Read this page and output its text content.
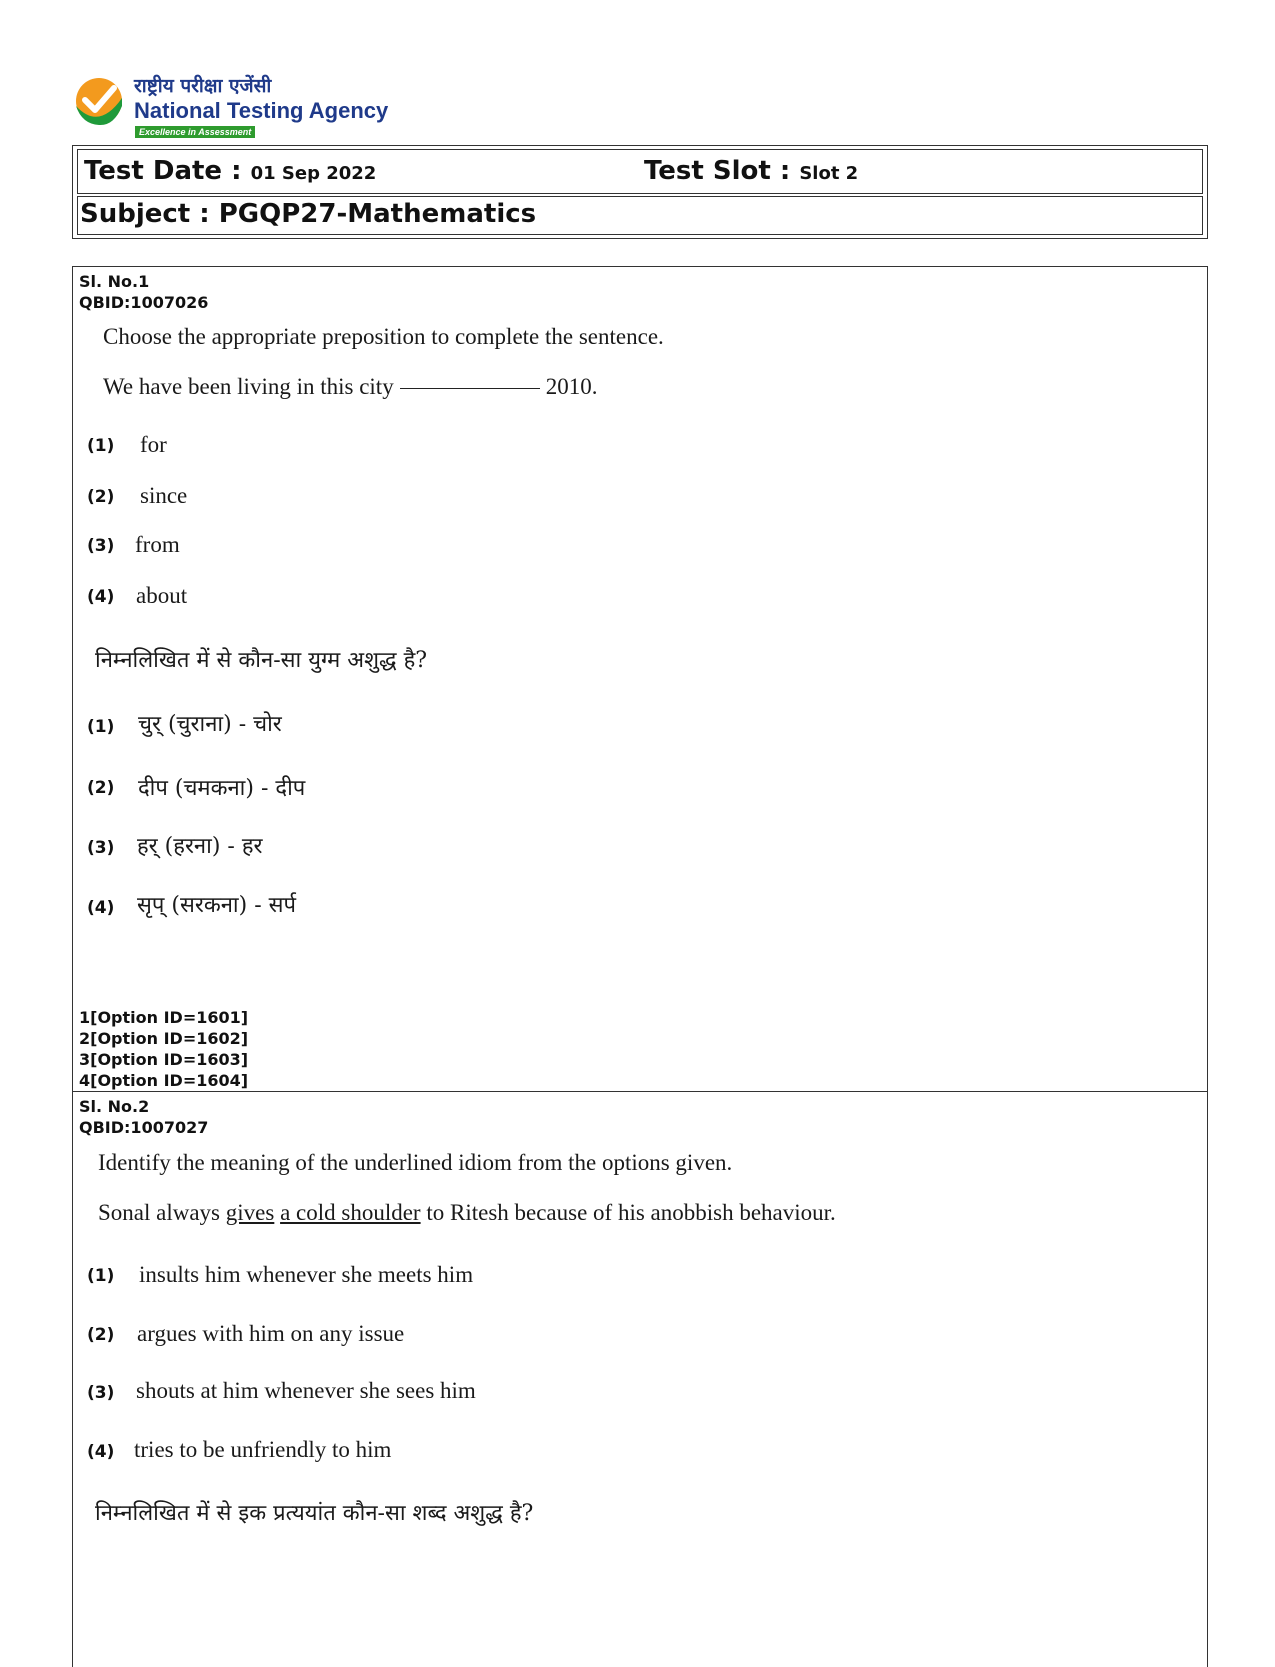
राष्ट्रीय परीक्षा एजेंसी
National Testing Agency
Excellence in Assessment
Test Date : 01 Sep 2022	Test Slot : Slot 2
Subject : PGQP27-Mathematics
Sl. No.1
QBID:1007026
Choose the appropriate preposition to complete the sentence.
We have been living in this city	2010.
(1) for
(2) since
(3) from
(4) about
निम्नलिखित में से कौन-सा युग्म अशुद्ध है?
(1) चुर् (चुराना) - चोर
(2) दीप (चमकना) - दीप
(3) हर् (हरना) - हर
(4) सृप् (सरकना) - सर्प
1[Option ID=1601]
2[Option ID=1602]
3[Option ID=1603]
4[Option ID=1604]
Sl. No.2
QBID:1007027
Identify the meaning of the underlined idiom from the options given.
Sonal always gives a cold shoulder to Ritesh because of his anobbish behaviour.
(1) insults him whenever she meets him
(2) argues with him on any issue
(3) shouts at him whenever she sees him
(4) tries to be unfriendly to him
निम्नलिखित में से इक प्रत्ययांत कौन-सा शब्द अशुद्ध है?
